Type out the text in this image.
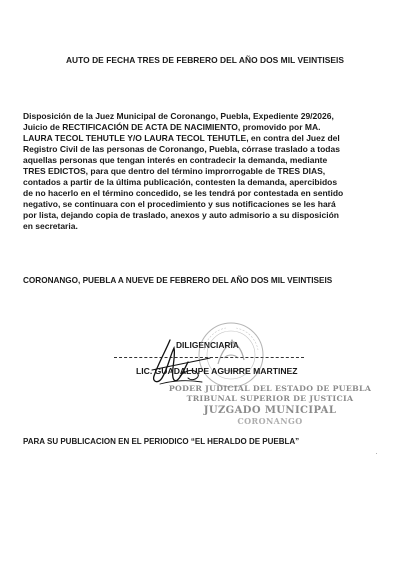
AUTO DE FECHA TRES DE FEBRERO DEL AÑO DOS MIL VEINTISEIS
Disposición de la Juez Municipal de Coronango, Puebla, Expediente 29/2026,
Juicio de RECTIFICACIÓN DE ACTA DE NACIMIENTO, promovido por MA.
LAURA TECOL TEHUTLE Y/O LAURA TECOL TEHUTLE, en contra del Juez del
Registro Civil de las personas de Coronango, Puebla, córrase traslado a todas
aquellas personas que tengan interés en contradecir la demanda, mediante
TRES EDICTOS, para que dentro del término improrrogable de TRES DIAS,
contados a partir de la última publicación, contesten la demanda, apercibidos
de no hacerlo en el término concedido, se les tendrá por contestada en sentido
negativo, se continuara con el procedimiento y sus notificaciones se les hará
por lista, dejando copia de traslado, anexos y auto admisorio a su disposición
en secretaria.
CORONANGO, PUEBLA A NUEVE DE FEBRERO DEL AÑO DOS MIL VEINTISEIS
DILIGENCIARIA
LIC. GUADALUPE AGUIRRE MARTINEZ
PODER JUDICIAL DEL ESTADO DE PUEBLA
TRIBUNAL SUPERIOR DE JUSTICIA
JUZGADO MUNICIPAL
CORONANGO
PARA SU PUBLICACION EN EL PERIODICO “EL HERALDO DE PUEBLA”
